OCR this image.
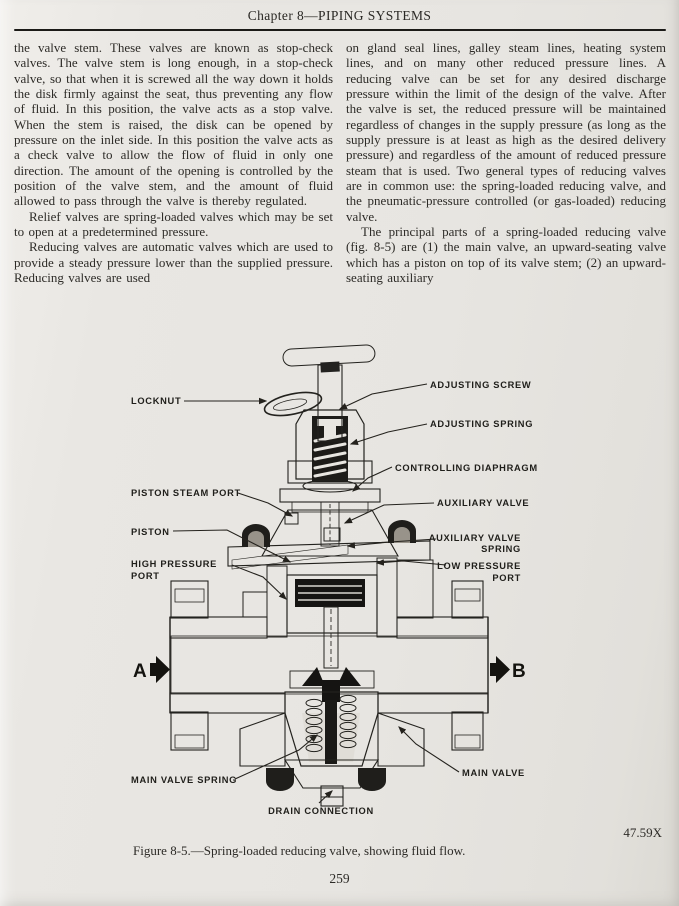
Chapter 8—PIPING SYSTEMS

the valve stem. These valves are known as stop-check valves. The valve stem is long enough, in a stop-check valve, so that when it is screwed all the way down it holds the disk firmly against the seat, thus preventing any flow of fluid. In this position, the valve acts as a stop valve. When the stem is raised, the disk can be opened by pressure on the inlet side. In this position the valve acts as a check valve to allow the flow of fluid in only one direction. The amount of the opening is controlled by the position of the valve stem, and the amount of fluid allowed to pass through the valve is thereby regulated.

Relief valves are spring-loaded valves which may be set to open at a predetermined pressure.

Reducing valves are automatic valves which are used to provide a steady pressure lower than the supplied pressure. Reducing valves are used

on gland seal lines, galley steam lines, heating system lines, and on many other reduced pressure lines. A reducing valve can be set for any desired discharge pressure within the limit of the design of the valve. After the valve is set, the reduced pressure will be maintained regardless of changes in the supply pressure (as long as the supply pressure is at least as high as the desired delivery pressure) and regardless of the amount of reduced pressure steam that is used. Two general types of reducing valves are in common use: the spring-loaded reducing valve, and the pneumatic-pressure controlled (or gas-loaded) reducing valve.

The principal parts of a spring-loaded reducing valve (fig. 8-5) are (1) the main valve, an upward-seating valve which has a piston on top of its valve stem; (2) an upward-seating auxiliary

A	B
ADJUSTING SCREW
LOCKNUT
ADJUSTING SPRING
CONTROLLING DIAPHRAGM
PISTON STEAM PORT
AUXILIARY VALVE
PISTON
AUXILIARY VALVE
SPRING
HIGH PRESSURE
PORT
LOW PRESSURE
PORT
MAIN VALVE SPRING
MAIN VALVE
DRAIN CONNECTION
47.59X
Figure 8-5.—Spring-loaded reducing valve, showing fluid flow.
259
